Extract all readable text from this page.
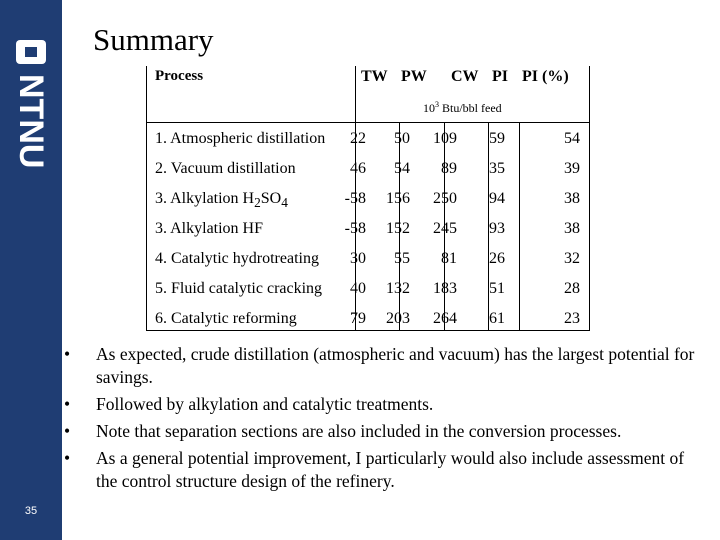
NTNU
35
Summary
Process	TW PW CW PI PI (%)
$10^3$ Btu/bbl feed
1. Atmospheric distillation 22 50 109 59	54
2. Vacuum distillation	46 54 89 35	39
3. Alkylation $H_2SO_4$	-58 156 250 94	38
3. Alkylation HF	-58 152 245 93	38
4. Catalytic hydrotreating 30 55 81 26	32
5. Fluid catalytic cracking 40 132 183 51	28
6. Catalytic reforming	79 203 264 61	23
• As expected, crude distillation (atmospheric and vacuum) has the largest potential for savings.
• Followed by alkylation and catalytic treatments.
• Note that separation sections are also included in the conversion processes.
• As a general potential improvement, I particularly would also include assessment of the control structure design of the refinery.
